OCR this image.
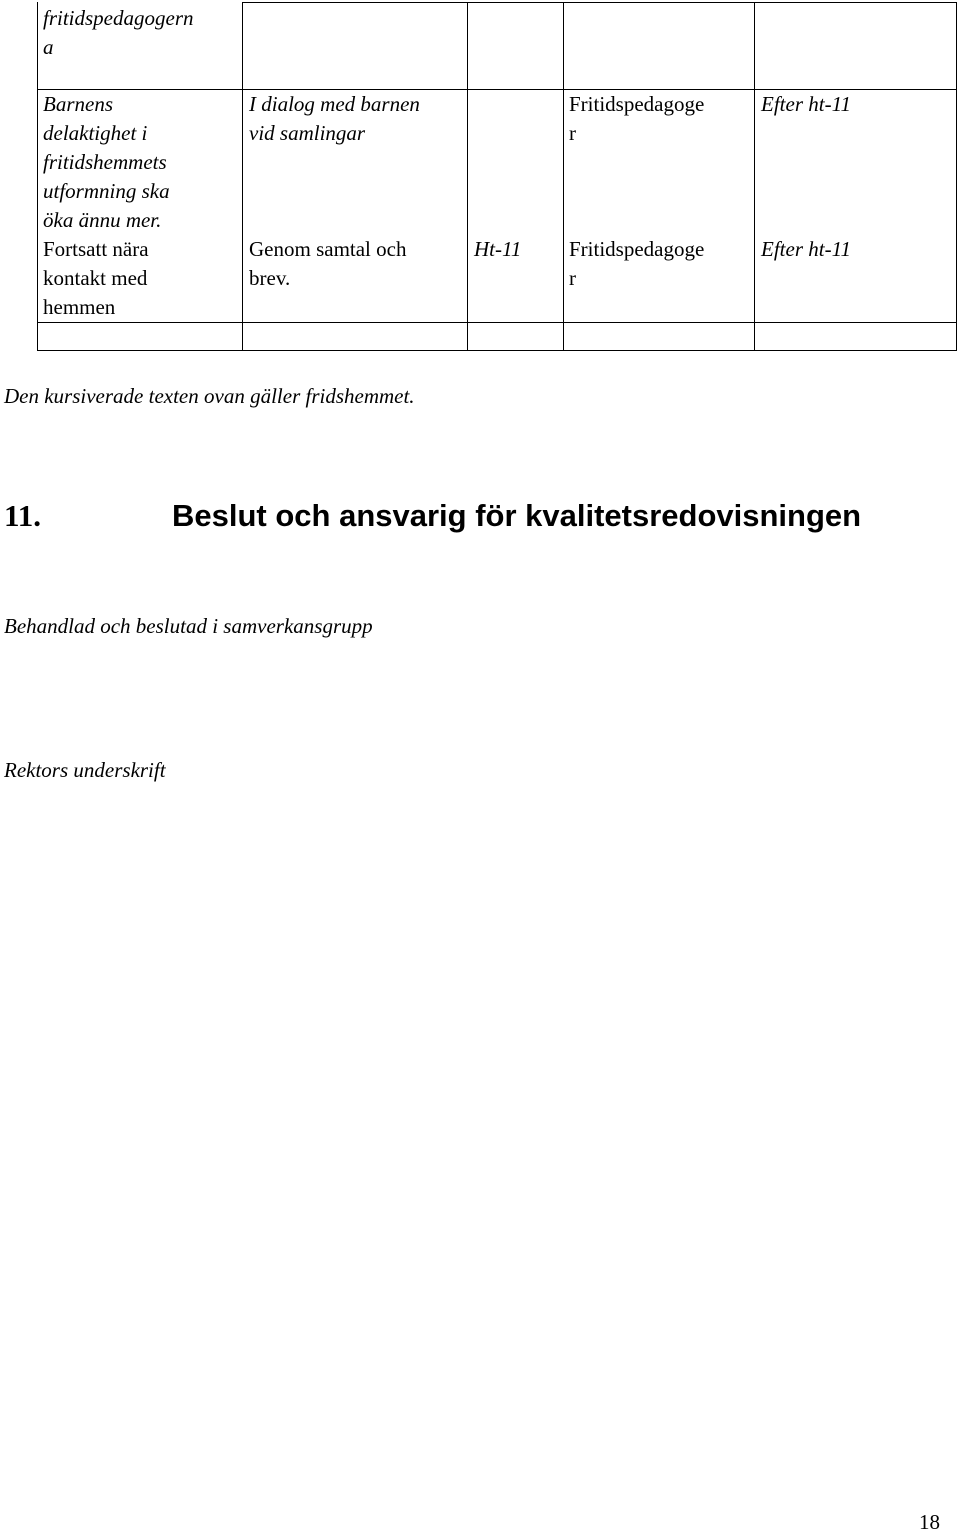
fritidspedagogern
a
Barnens
delaktighet i
fritidshemmets
utformning ska
öka ännu mer.
Fortsatt nära
kontakt med
hemmen
I dialog med barnen
vid samlingar
Genom samtal och
brev.
Ht-11
Fritidspedagoge
r
Fritidspedagoge
r
Efter ht-11
Efter ht-11
Den kursiverade texten ovan gäller fridshemmet.
11.	Beslut och ansvarig för kvalitetsredovisningen
Behandlad och beslutad i samverkansgrupp
Rektors underskrift
18
